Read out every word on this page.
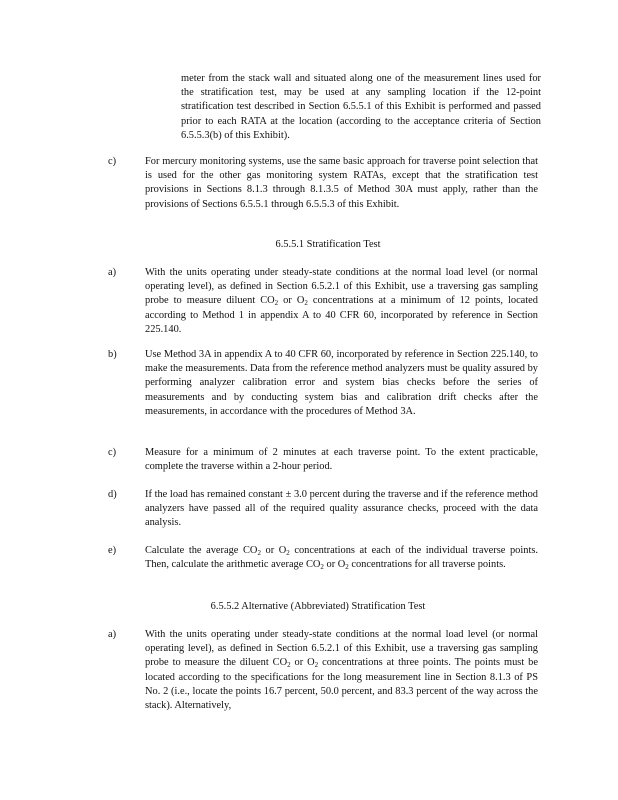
meter from the stack wall and situated along one of the measurement lines used for the stratification test, may be used at any sampling location if the 12-point stratification test described in Section 6.5.5.1 of this Exhibit is performed and passed prior to each RATA at the location (according to the acceptance criteria of Section 6.5.5.3(b) of this Exhibit).

c)	For mercury monitoring systems, use the same basic approach for traverse point selection that is used for the other gas monitoring system RATAs, except that the stratification test provisions in Sections 8.1.3 through 8.1.3.5 of Method 30A must apply, rather than the provisions of Sections 6.5.5.1 through 6.5.5.3 of this Exhibit.

6.5.5.1 Stratification Test

a)	With the units operating under steady-state conditions at the normal load level (or normal operating level), as defined in Section 6.5.2.1 of this Exhibit, use a traversing gas sampling probe to measure diluent $CO_2$ or $O_2$ concentrations at a minimum of 12 points, located according to Method 1 in appendix A to 40 CFR 60, incorporated by reference in Section 225.140.

b)	Use Method 3A in appendix A to 40 CFR 60, incorporated by reference in Section 225.140, to make the measurements. Data from the reference method analyzers must be quality assured by performing analyzer calibration error and system bias checks before the series of measurements and by conducting system bias and calibration drift checks after the measurements, in accordance with the procedures of Method 3A.

c)	Measure for a minimum of 2 minutes at each traverse point. To the extent practicable, complete the traverse within a 2-hour period.

d)	If the load has remained constant ± 3.0 percent during the traverse and if the reference method analyzers have passed all of the required quality assurance checks, proceed with the data analysis.

e)	Calculate the average $CO_2$ or $O_2$ concentrations at each of the individual traverse points. Then, calculate the arithmetic average $CO_2$ or $O_2$ concentrations for all traverse points.

6.5.5.2 Alternative (Abbreviated) Stratification Test

a)	With the units operating under steady-state conditions at the normal load level (or normal operating level), as defined in Section 6.5.2.1 of this Exhibit, use a traversing gas sampling probe to measure the diluent $CO_2$ or $O_2$ concentrations at three points. The points must be located according to the specifications for the long measurement line in Section 8.1.3 of PS No. 2 (i.e., locate the points 16.7 percent, 50.0 percent, and 83.3 percent of the way across the stack). Alternatively,
